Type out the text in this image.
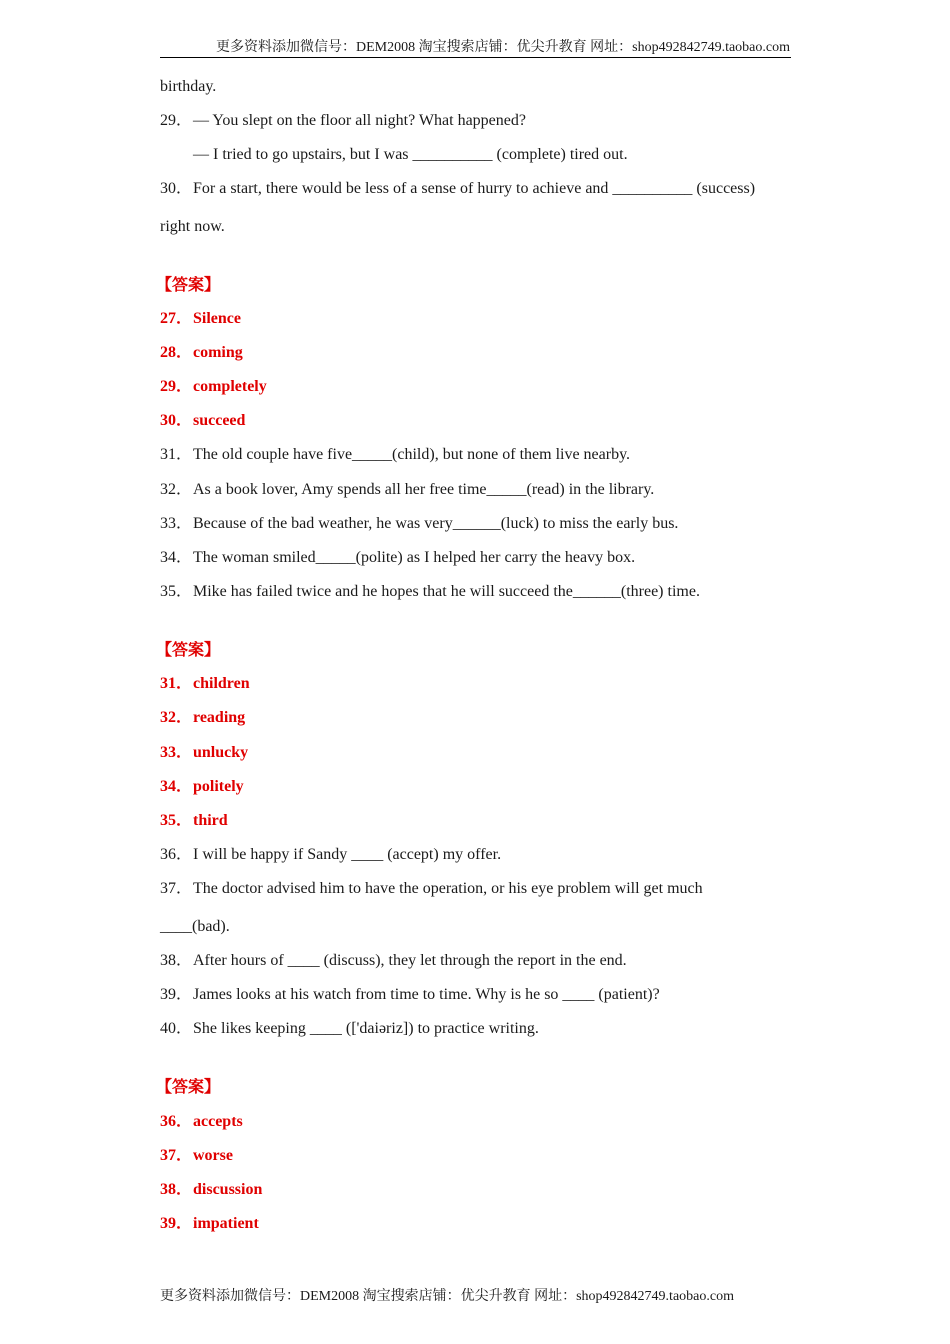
更多资料添加微信号：DEM2008 淘宝搜索店铺：优尖升教育 网址：shop492842749.taobao.com
birthday.
29．— You slept on the floor all night? What happened?
— I tried to go upstairs, but I was __________ (complete) tired out.
30．For a start, there would be less of a sense of hurry to achieve and __________ (success)
right now.
【答案】
27．Silence
28．coming
29．completely
30．succeed
31．The old couple have five_____(child), but none of them live nearby.
32．As a book lover, Amy spends all her free time_____(read) in the library.
33．Because of the bad weather, he was very______(luck) to miss the early bus.
34．The woman smiled_____(polite) as I helped her carry the heavy box.
35．Mike has failed twice and he hopes that he will succeed the______(three) time.
【答案】
31．children
32．reading
33．unlucky
34．politely
35．third
36．I will be happy if Sandy ____ (accept) my offer.
37．The doctor advised him to have the operation, or his eye problem will get much
____(bad).
38．After hours of ____ (discuss), they let through the report in the end.
39．James looks at his watch from time to time. Why is he so ____ (patient)?
40．She likes keeping ____ (['daiəriz]) to practice writing.
【答案】
36．accepts
37．worse
38．discussion
39．impatient
更多资料添加微信号：DEM2008 淘宝搜索店铺：优尖升教育 网址：shop492842749.taobao.com
